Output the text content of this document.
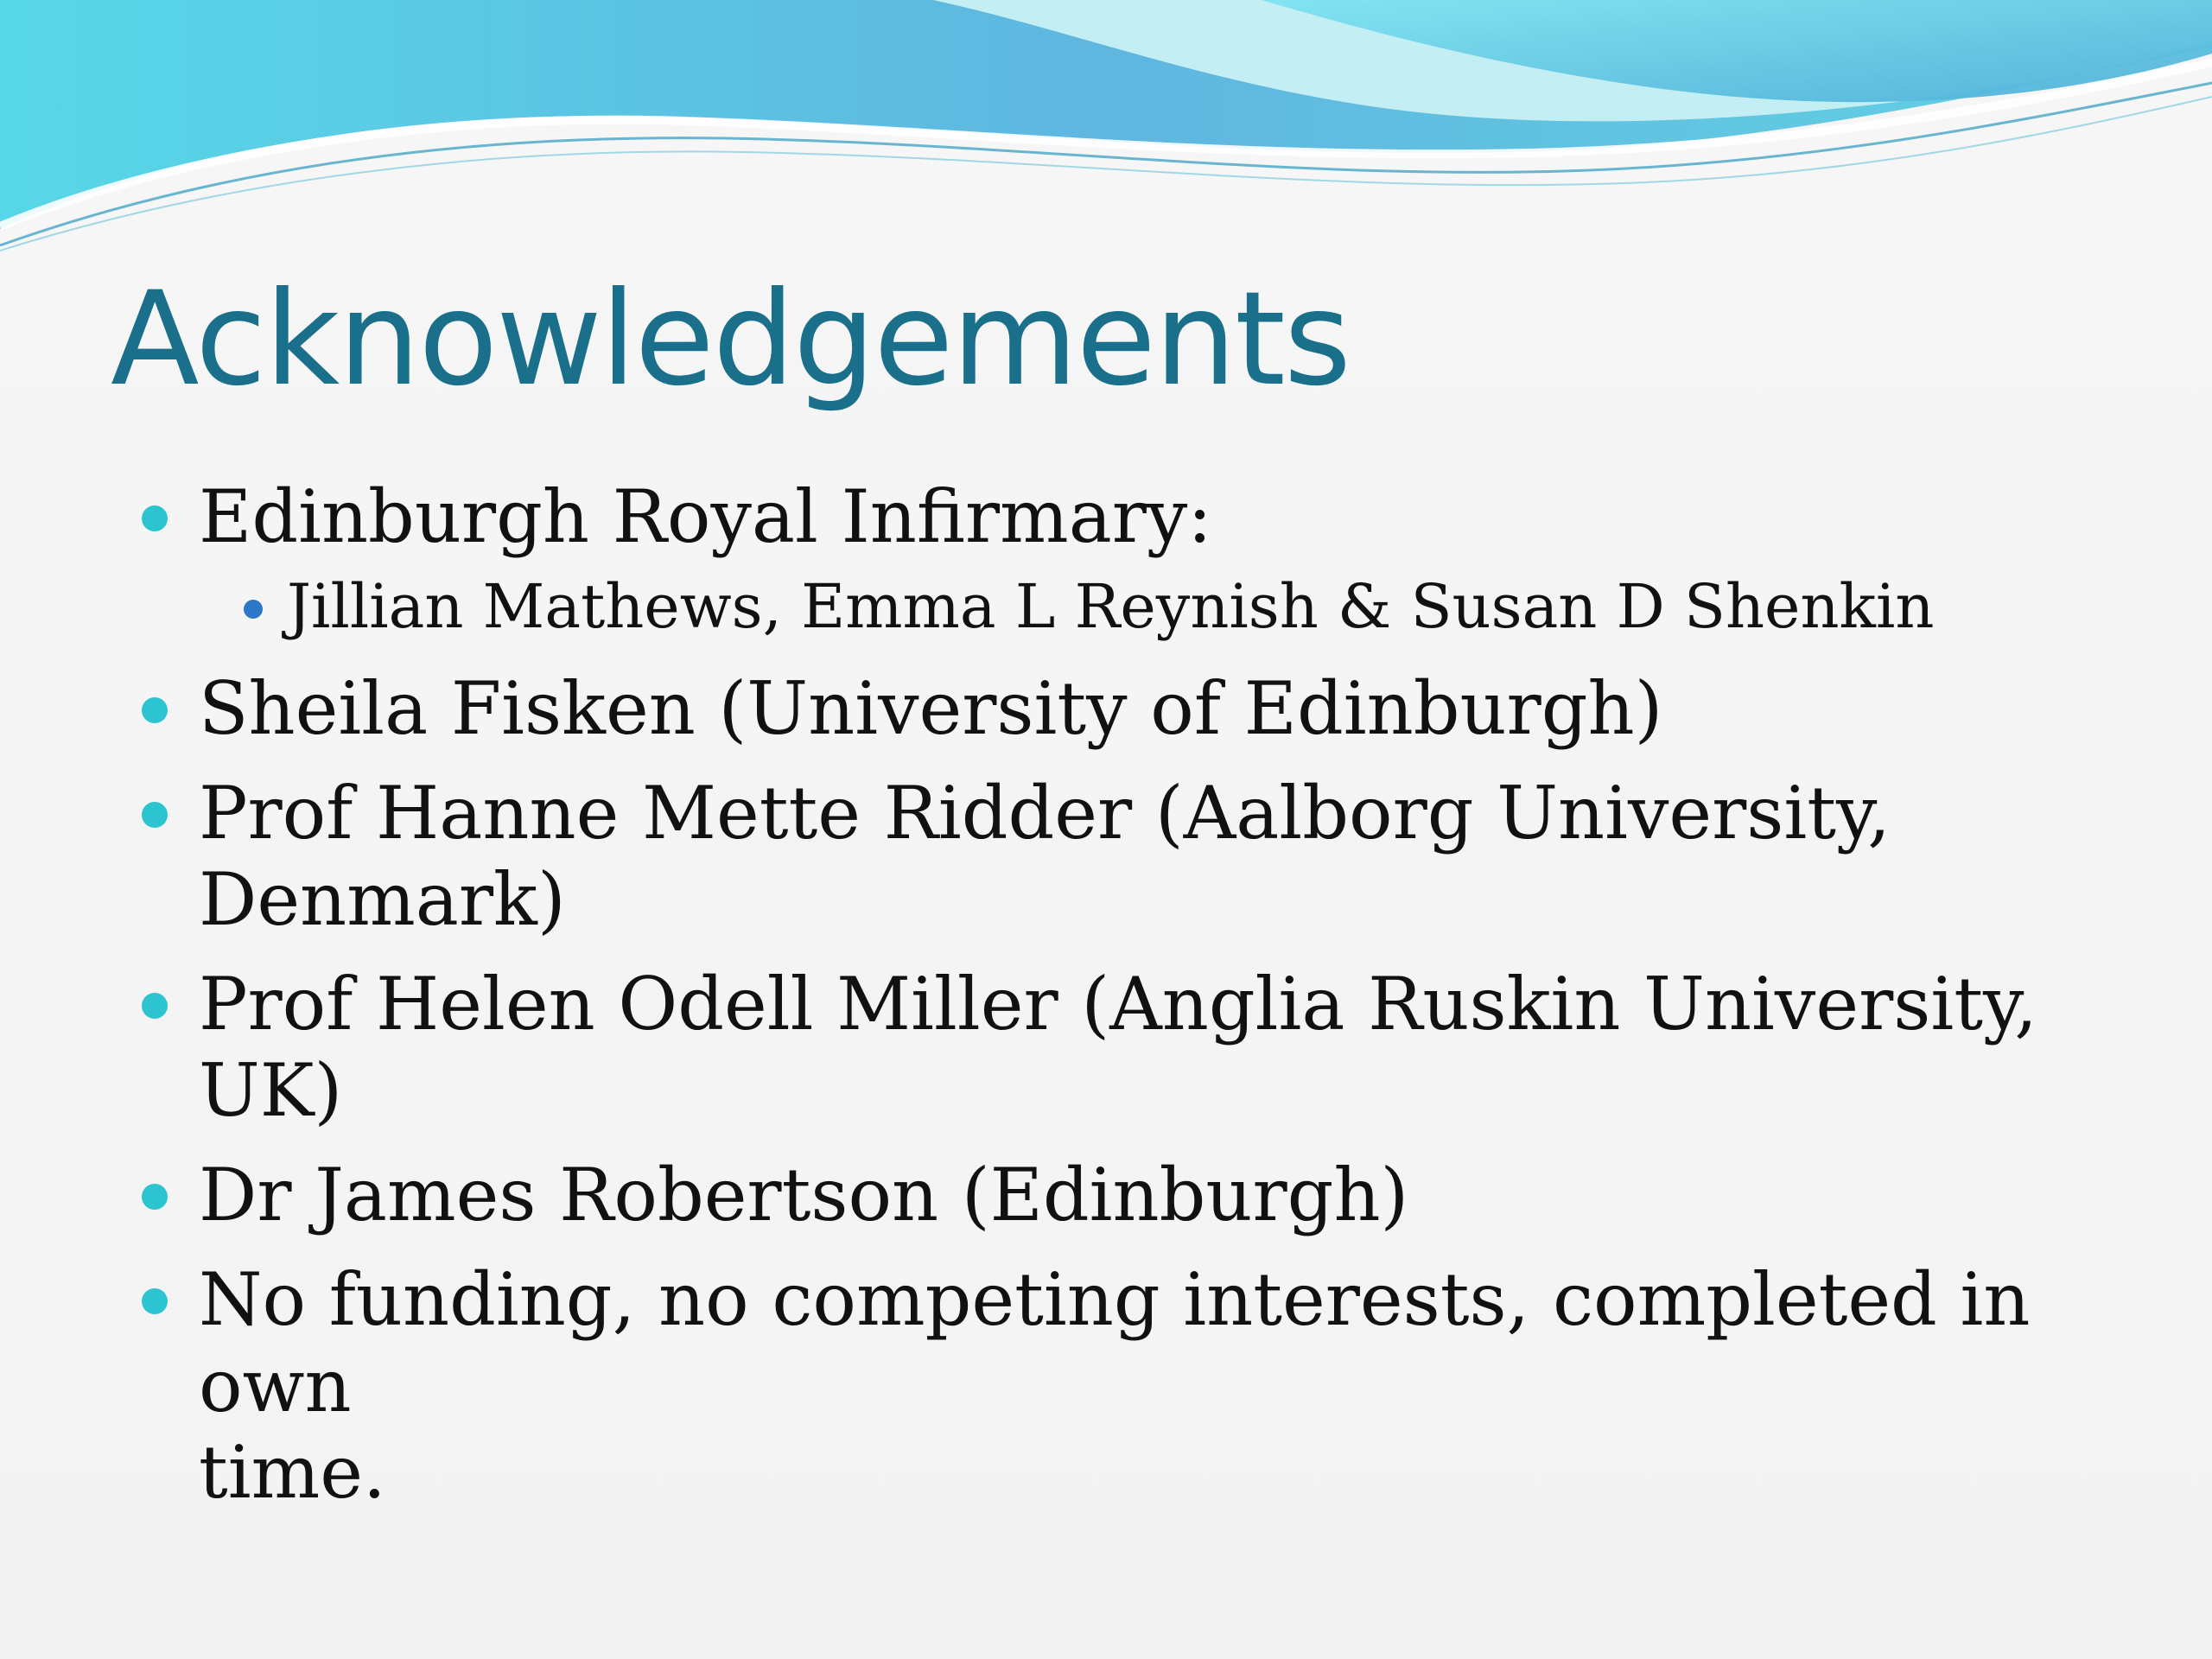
Acknowledgements
Edinburgh Royal Infirmary:
Jillian Mathews, Emma L Reynish & Susan D Shenkin
Sheila Fisken (University of Edinburgh)
Prof Hanne Mette Ridder (Aalborg University,
Denmark)
Prof Helen Odell Miller (Anglia Ruskin University,
UK)
Dr James Robertson (Edinburgh)
No funding, no competing interests, completed in own
time.
